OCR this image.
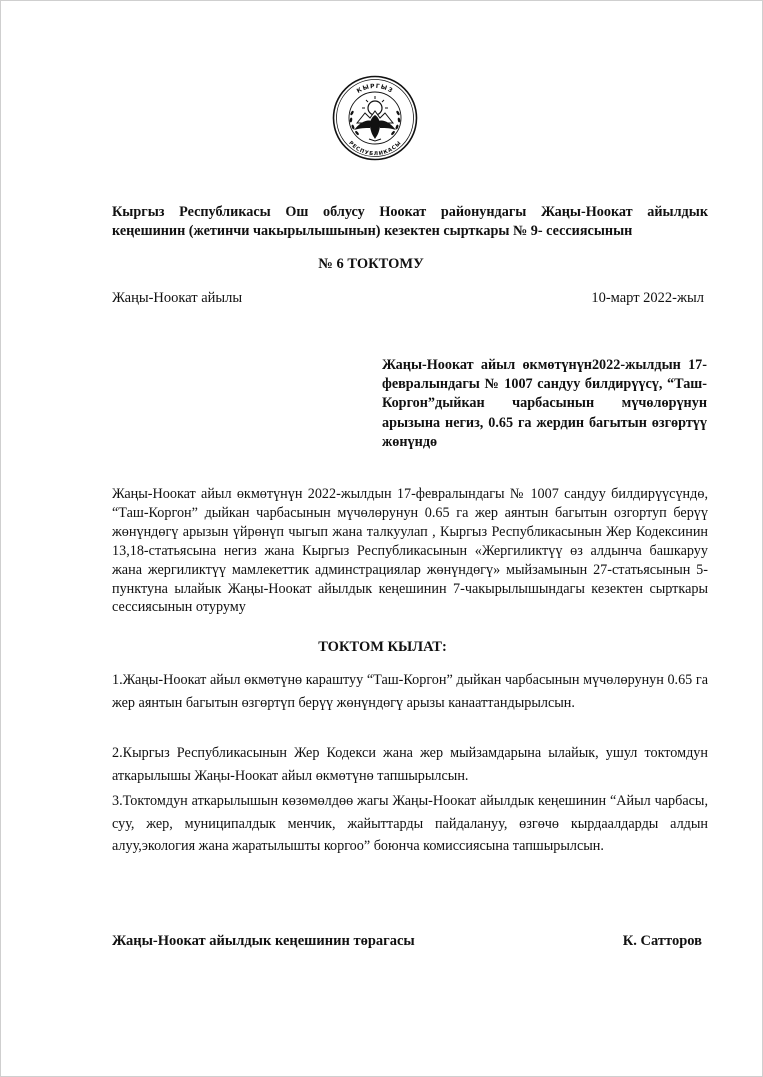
КЫРГЫЗ
РЕСПУБЛИКАСЫ
Кыргыз Республикасы Ош облусу Ноокат районундагы Жаңы-Ноокат айылдык
кеңешинин (жетинчи чакырылышынын) кезектен сырткары № 9- сессиясынын
№ 6 ТОКТОМУ
Жаңы-Ноокат айылы	10-март 2022-жыл
Жаңы-Ноокат айыл өкмөтүнүн2022-жылдын 17-февралындагы № 1007 сандуу билдирүүсү, “Таш-Коргон”дыйкан чарбасынын мүчөлөрүнун арызына негиз, 0.65 га жердин багытын өзгөртүү жөнүндө
Жаңы-Ноокат айыл өкмөтүнүн 2022-жылдын 17-февралындагы № 1007 сандуу билдирүүсүндө, “Таш-Коргон” дыйкан чарбасынын мүчөлөрунун 0.65 га жер аянтын багытын озгортуп берүү жөнүндөгү арызын үйрөнүп чыгып жана талкуулап , Кыргыз Республикасынын Жер Кодексинин 13,18-статьясына негиз жана Кыргыз Республикасынын «Жергиликтүү өз алдынча башкаруу жана жергиликтүү мамлекеттик админстрациялар жөнүндөгү» мыйзамынын 27-статьясынын 5-пунктуна ылайык Жаңы-Ноокат айылдык кеңешинин 7-чакырылышындагы кезектен сырткары сессиясынын отуруму
ТОКТОМ КЫЛАТ:
1.Жаңы-Ноокат айыл өкмөтүнө караштуу “Таш-Коргон” дыйкан чарбасынын мүчөлөрунун 0.65 га жер аянтын багытын өзгөртүп берүү жөнүндөгү арызы канааттандырылсын.
2.Кыргыз Республикасынын Жер Кодекси жана жер мыйзамдарына ылайык, ушул токтомдун аткарылышы Жаңы-Ноокат айыл өкмөтүнө тапшырылсын.
3.Токтомдун аткарылышын көзөмөлдөө жагы Жаңы-Ноокат айылдык кеңешинин “Айыл чарбасы, суу, жер, муниципалдык менчик, жайыттарды пайдалануу, өзгөчө кырдаалдарды алдын алуу,экология жана жаратылышты коргоо” боюнча комиссиясына тапшырылсын.
Жаңы-Ноокат айылдык кеңешинин төрагасы	К. Сатторов
